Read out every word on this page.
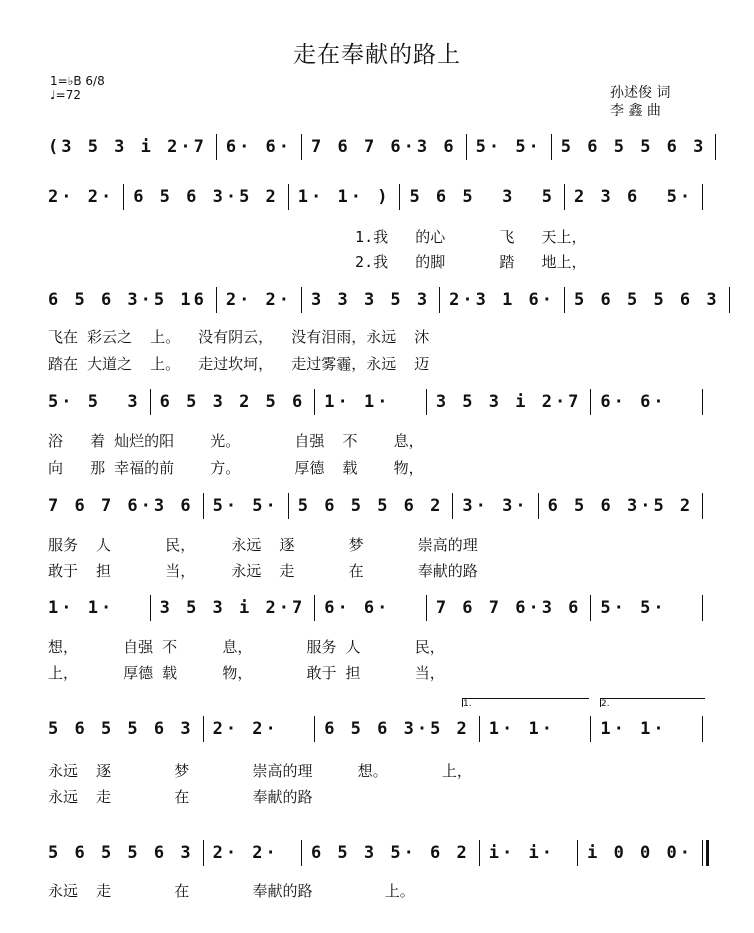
走在奉献的路上
1=♭B 6/8
♩=72	孙述俊 词
李 鑫 曲
(3 5 3 i 2·7 6· 6· 7 6 7 6·3 6 5· 5· 5 6 5 5 6 3
2· 2· 6 5 6 3·5 2 1· 1· ) 5 6 5  3  5 2 3 6  5·
6 5 6 3·5 16 2· 2· 3 3 3 5 3 2·3 1 6· 5 6 5 5 6 3
5· 5  3 6 5 3 2 5 6 1· 1·	3 5 3 i 2·7 6· 6·
7 6 7 6·3 6 5· 5· 5 6 5 5 6 2 3· 3· 6 5 6 3·5 2
1· 1·	3 5 3 i 2·7 6· 6·	7 6 7 6·3 6 5· 5·
5 6 5 5 6 3 2· 2·	6 5 6 3·5 2 1· 1·	1· 1·
5 6 5 5 6 3 2· 2·	6 5 3 5· 6 2 i· i·	i 0 0 0·
1.我   的心      飞   天上，
2.我   的脚      踏   地上，
飞在 彩云之  上。  没有阴云，  没有泪雨，永远  沐
踏在 大道之  上。  走过坎坷，  走过雾霾，永远  迈
浴   着 灿烂的阳    光。      自强  不    息，
向   那 幸福的前    方。      厚德  载    物，
服务  人      民，    永远  逐      梦      崇高的理
敢于  担      当，    永远  走      在      奉献的路
想，     自强 不     息，      服务 人      民，
上，     厚德 载     物，      敢于 担      当，
永远  逐       梦       崇高的理     想。      上，
永远  走       在       奉献的路
永远  走       在       奉献的路        上。
1.	2.
